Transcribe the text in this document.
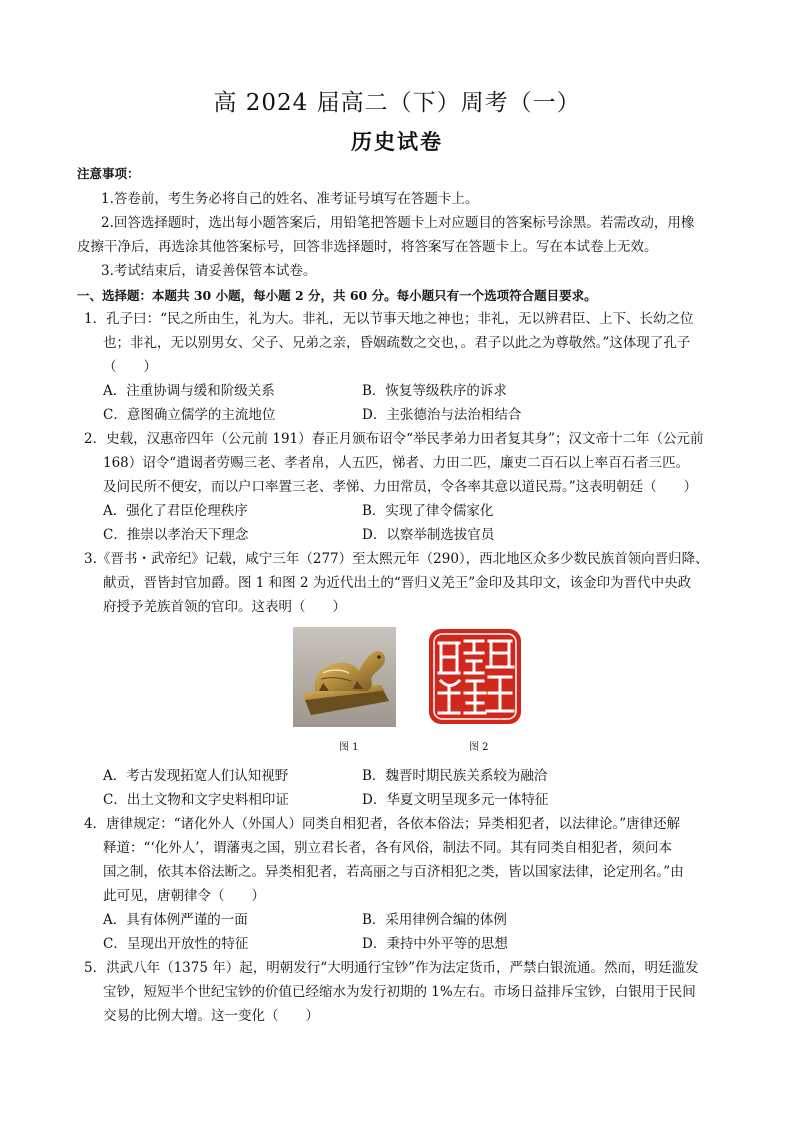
高 2024 届高二（下）周考（一）
历史试卷
注意事项：
1.答卷前，考生务必将自己的姓名、准考证号填写在答题卡上。
2.回答选择题时，选出每小题答案后，用铅笔把答题卡上对应题目的答案标号涂黑。若需改动，用橡
皮擦干净后，再选涂其他答案标号，回答非选择题时，将答案写在答题卡上。写在本试卷上无效。
3.考试结束后，请妥善保管本试卷。
一、选择题：本题共 30 小题，每小题 2 分，共 60 分。每小题只有一个选项符合题目要求。
1．孔子曰：“民之所由生，礼为大。非礼，无以节事天地之神也；非礼，无以辨君臣、上下、长幼之位
也；非礼，无以别男女、父子、兄弟之亲，昏姻疏数之交也，。君子以此之为尊敬然。”这体现了孔子
（　　）
A．注重协调与缓和阶级关系	B．恢复等级秩序的诉求
C．意图确立儒学的主流地位	D．主张德治与法治相结合
2．史载，汉惠帝四年（公元前 191）春正月颁布诏令“举民孝弟力田者复其身”；汉文帝十二年（公元前
168）诏令“遣谒者劳赐三老、孝者帛，人五匹，悌者、力田二匹，廉吏二百石以上率百石者三匹。
及问民所不便安，而以户口率置三老、孝悌、力田常员，令各率其意以道民焉。”这表明朝廷（　　）
A．强化了君臣伦理秩序	B．实现了律令儒家化
C．推崇以孝治天下理念	D．以察举制选拔官员
3.《晋书・武帝纪》记载，咸宁三年（277）至太熙元年（290），西北地区众多少数民族首领向晋归降、
献贡，晋皆封官加爵。图 1 和图 2 为近代出土的“晋归义羌王”金印及其印文，该金印为晋代中央政
府授予羌族首领的官印。这表明（　　）
图 1	图 2
A．考古发现拓宽人们认知视野	B．魏晋时期民族关系较为融洽
C．出土文物和文字史料相印证	D．华夏文明呈现多元一体特征
4．唐律规定：“诸化外人（外国人）同类自相犯者，各依本俗法；异类相犯者，以法律论。”唐律还解
释道：“‘化外人’，谓藩夷之国，别立君长者，各有风俗，制法不同。其有同类自相犯者，须问本
国之制，依其本俗法断之。异类相犯者，若高丽之与百济相犯之类，皆以国家法律，论定刑名。”由
此可见，唐朝律令（　　）
A．具有体例严谨的一面	B．采用律例合编的体例
C．呈现出开放性的特征	D．秉持中外平等的思想
5．洪武八年（1375 年）起，明朝发行“大明通行宝钞”作为法定货币，严禁白银流通。然而，明廷滥发
宝钞，短短半个世纪宝钞的价值已经缩水为发行初期的 1%左右。市场日益排斥宝钞，白银用于民间
交易的比例大增。这一变化（　　）
